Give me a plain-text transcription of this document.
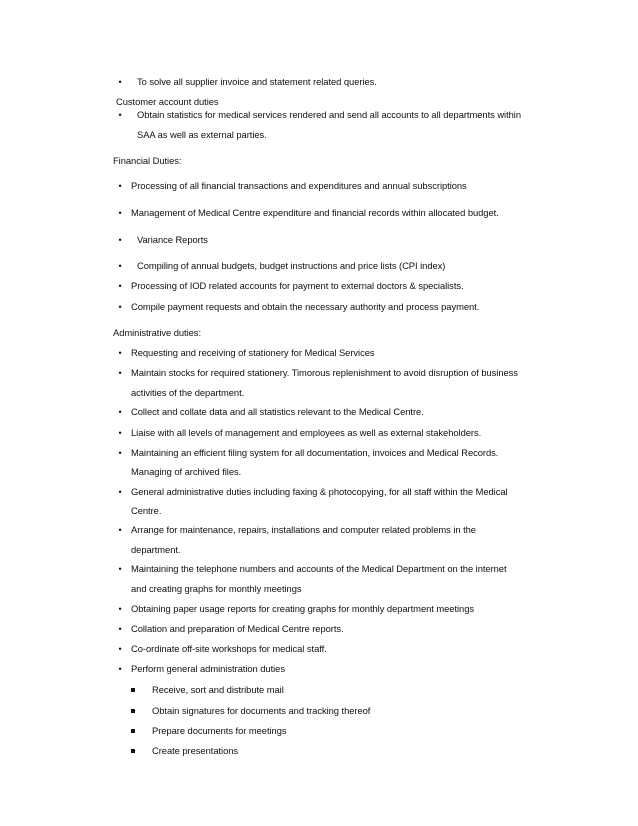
• To solve all supplier invoice and statement related queries.
Customer account duties
• Obtain statistics for medical services rendered and send all accounts to all departments within
SAA as well as external parties.
Financial Duties:
• Processing of all financial transactions and expenditures and annual subscriptions
• Management of Medical Centre expenditure and financial records within allocated budget.
• Variance Reports
• Compiling of annual budgets, budget instructions and price lists (CPI index)
• Processing of IOD related accounts for payment to external doctors & specialists.
• Compile payment requests and obtain the necessary authority and process payment.
Administrative duties:
• Requesting and receiving of stationery for Medical Services
• Maintain stocks for required stationery. Timorous replenishment to avoid disruption of business
activities of the department.
• Collect and collate data and all statistics relevant to the Medical Centre.
• Liaise with all levels of management and employees as well as external stakeholders.
• Maintaining an efficient filing system for all documentation, invoices and Medical Records.
Managing of archived files.
• General administrative duties including faxing & photocopying, for all staff within the Medical
Centre.
• Arrange for maintenance, repairs, installations and computer related problems in the
department.
• Maintaining the telephone numbers and accounts of the Medical Department on the internet
and creating graphs for monthly meetings
• Obtaining paper usage reports for creating graphs for monthly department meetings
• Collation and preparation of Medical Centre reports.
• Co-ordinate off-site workshops for medical staff.
• Perform general administration duties
Receive, sort and distribute mail
Obtain signatures for documents and tracking thereof
Prepare documents for meetings
Create presentations
